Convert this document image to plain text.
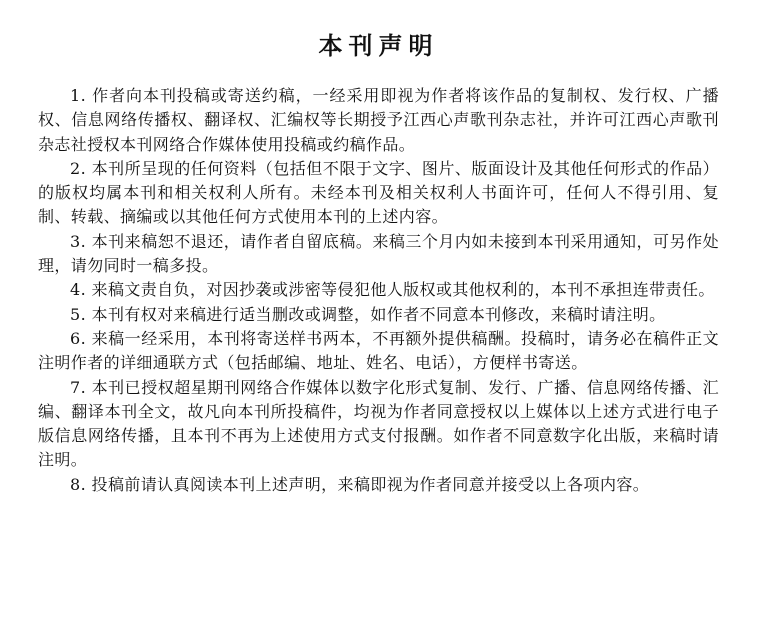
本刊声明

1. 作者向本刊投稿或寄送约稿，一经采用即视为作者将该作品的复制权、发行权、广播权、信息网络传播权、翻译权、汇编权等长期授予江西心声歌刊杂志社，并许可江西心声歌刊杂志社授权本刊网络合作媒体使用投稿或约稿作品。

2. 本刊所呈现的任何资料（包括但不限于文字、图片、版面设计及其他任何形式的作品）的版权均属本刊和相关权利人所有。未经本刊及相关权利人书面许可，任何人不得引用、复制、转载、摘编或以其他任何方式使用本刊的上述内容。

3. 本刊来稿恕不退还，请作者自留底稿。来稿三个月内如未接到本刊采用通知，可另作处理，请勿同时一稿多投。

4. 来稿文责自负，对因抄袭或涉密等侵犯他人版权或其他权利的，本刊不承担连带责任。

5. 本刊有权对来稿进行适当删改或调整，如作者不同意本刊修改，来稿时请注明。

6. 来稿一经采用，本刊将寄送样书两本，不再额外提供稿酬。投稿时，请务必在稿件正文注明作者的详细通联方式（包括邮编、地址、姓名、电话），方便样书寄送。

7. 本刊已授权超星期刊网络合作媒体以数字化形式复制、发行、广播、信息网络传播、汇编、翻译本刊全文，故凡向本刊所投稿件，均视为作者同意授权以上媒体以上述方式进行电子版信息网络传播，且本刊不再为上述使用方式支付报酬。如作者不同意数字化出版，来稿时请注明。

8. 投稿前请认真阅读本刊上述声明，来稿即视为作者同意并接受以上各项内容。
